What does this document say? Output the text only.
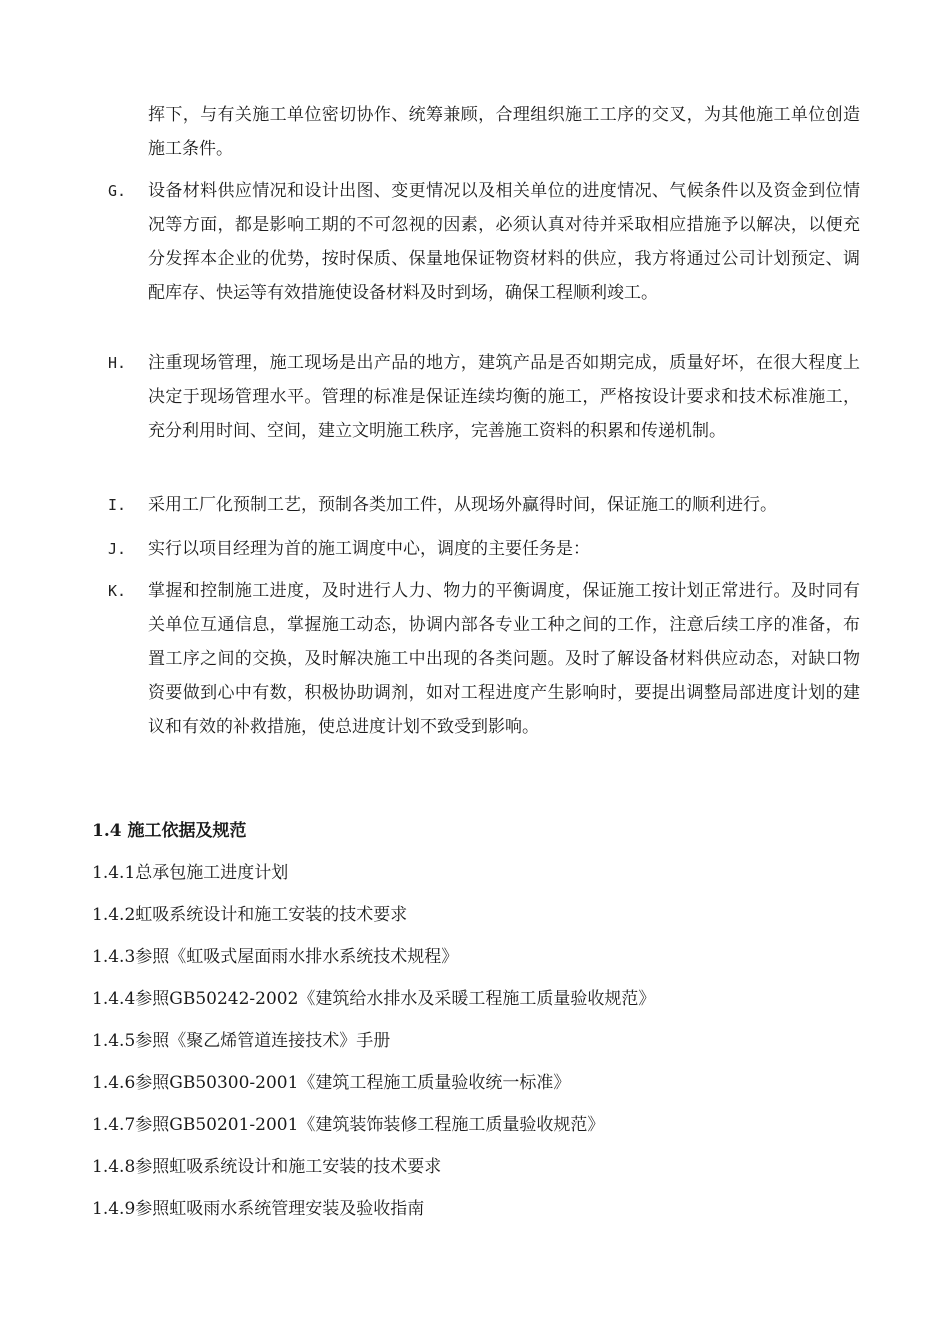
挥下，与有关施工单位密切协作、统筹兼顾，合理组织施工工序的交叉，为其他施工单位创造施工条件。
G.	设备材料供应情况和设计出图、变更情况以及相关单位的进度情况、气候条件以及资金到位情况等方面，都是影响工期的不可忽视的因素，必须认真对待并采取相应措施予以解决，以便充分发挥本企业的优势，按时保质、保量地保证物资材料的供应，我方将通过公司计划预定、调配库存、快运等有效措施使设备材料及时到场，确保工程顺利竣工。
H.	注重现场管理，施工现场是出产品的地方，建筑产品是否如期完成，质量好坏，在很大程度上决定于现场管理水平。管理的标准是保证连续均衡的施工，严格按设计要求和技术标准施工，充分利用时间、空间，建立文明施工秩序，完善施工资料的积累和传递机制。
I.	采用工厂化预制工艺，预制各类加工件，从现场外赢得时间，保证施工的顺利进行。
J.	实行以项目经理为首的施工调度中心，调度的主要任务是：
K.	掌握和控制施工进度，及时进行人力、物力的平衡调度，保证施工按计划正常进行。及时同有关单位互通信息，掌握施工动态，协调内部各专业工种之间的工作，注意后续工序的准备，布置工序之间的交换，及时解决施工中出现的各类问题。及时了解设备材料供应动态，对缺口物资要做到心中有数，积极协助调剂，如对工程进度产生影响时，要提出调整局部进度计划的建议和有效的补救措施，使总进度计划不致受到影响。
1.4 施工依据及规范
1.4.1总承包施工进度计划
1.4.2虹吸系统设计和施工安装的技术要求
1.4.3参照《虹吸式屋面雨水排水系统技术规程》
1.4.4参照GB50242-2002《建筑给水排水及采暖工程施工质量验收规范》
1.4.5参照《聚乙烯管道连接技术》手册
1.4.6参照GB50300-2001《建筑工程施工质量验收统一标准》
1.4.7参照GB50201-2001《建筑装饰装修工程施工质量验收规范》
1.4.8参照虹吸系统设计和施工安装的技术要求
1.4.9参照虹吸雨水系统管理安装及验收指南
